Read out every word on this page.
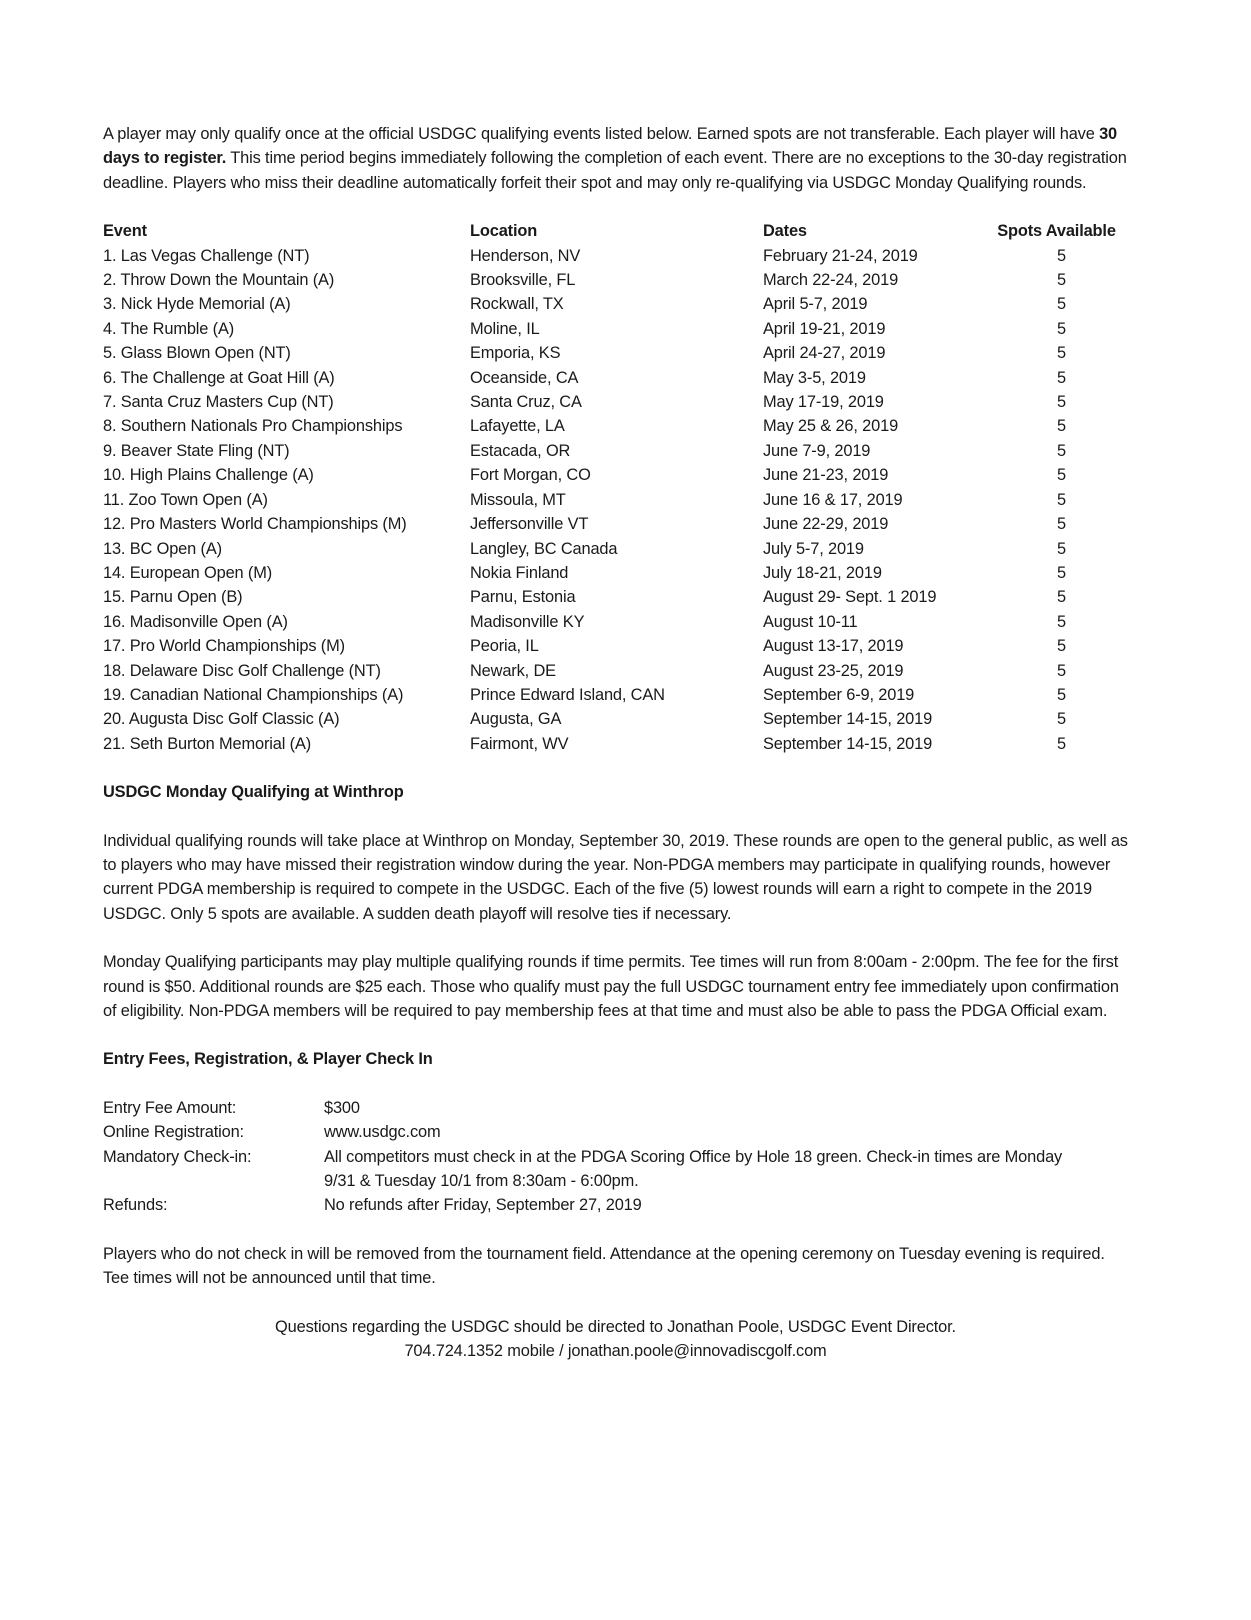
A player may only qualify once at the official USDGC qualifying events listed below. Earned spots are not transferable. Each player will have 30 days to register. This time period begins immediately following the completion of each event. There are no exceptions to the 30-day registration deadline. Players who miss their deadline automatically forfeit their spot and may only re-qualifying via USDGC Monday Qualifying rounds.

Event	Location	Dates	Spots Available
1. Las Vegas Challenge (NT)	Henderson, NV	February 21-24, 2019	5
2. Throw Down the Mountain (A)	Brooksville, FL	March 22-24, 2019	5
3. Nick Hyde Memorial (A)	Rockwall, TX	April 5-7, 2019	5
4. The Rumble (A)	Moline, IL	April 19-21, 2019	5
5. Glass Blown Open (NT)	Emporia, KS	April 24-27, 2019	5
6. The Challenge at Goat Hill (A)	Oceanside, CA	May 3-5, 2019	5
7. Santa Cruz Masters Cup (NT)	Santa Cruz, CA	May 17-19, 2019	5
8. Southern Nationals Pro Championships	Lafayette, LA	May 25 & 26, 2019	5
9. Beaver State Fling (NT)	Estacada, OR	June 7-9, 2019	5
10. High Plains Challenge (A)	Fort Morgan, CO	June 21-23, 2019	5
11. Zoo Town Open (A)	Missoula, MT	June 16 & 17, 2019	5
12. Pro Masters World Championships (M)	Jeffersonville VT	June 22-29, 2019	5
13. BC Open (A)	Langley, BC Canada	July 5-7, 2019	5
14. European Open (M)	Nokia Finland	July 18-21, 2019	5
15. Parnu Open (B)	Parnu, Estonia	August 29- Sept. 1 2019	5
16. Madisonville Open (A)	Madisonville KY	August 10-11	5
17. Pro World Championships (M)	Peoria, IL	August 13-17, 2019	5
18. Delaware Disc Golf Challenge (NT)	Newark, DE	August 23-25, 2019	5
19. Canadian National Championships (A)	Prince Edward Island, CAN	September 6-9, 2019	5
20. Augusta Disc Golf Classic (A)	Augusta, GA	September 14-15, 2019	5
21. Seth Burton Memorial (A)	Fairmont, WV	September 14-15, 2019	5

USDGC Monday Qualifying at Winthrop

Individual qualifying rounds will take place at Winthrop on Monday, September 30, 2019. These rounds are open to the general public, as well as to players who may have missed their registration window during the year. Non-PDGA members may participate in qualifying rounds, however current PDGA membership is required to compete in the USDGC. Each of the five (5) lowest rounds will earn a right to compete in the 2019 USDGC. Only 5 spots are available. A sudden death playoff will resolve ties if necessary.

Monday Qualifying participants may play multiple qualifying rounds if time permits. Tee times will run from 8:00am - 2:00pm. The fee for the first round is $50. Additional rounds are $25 each. Those who qualify must pay the full USDGC tournament entry fee immediately upon confirmation of eligibility. Non-PDGA members will be required to pay membership fees at that time and must also be able to pass the PDGA Official exam.

Entry Fees, Registration, & Player Check In

Entry Fee Amount:	$300
Online Registration:	www.usdgc.com
Mandatory Check-in:	All competitors must check in at the PDGA Scoring Office by Hole 18 green. Check-in times are Monday 9/31 & Tuesday 10/1 from 8:30am - 6:00pm.
Refunds:	No refunds after Friday, September 27, 2019

Players who do not check in will be removed from the tournament field. Attendance at the opening ceremony on Tuesday evening is required. Tee times will not be announced until that time.

Questions regarding the USDGC should be directed to Jonathan Poole, USDGC Event Director.

704.724.1352 mobile / jonathan.poole@innovadiscgolf.com
